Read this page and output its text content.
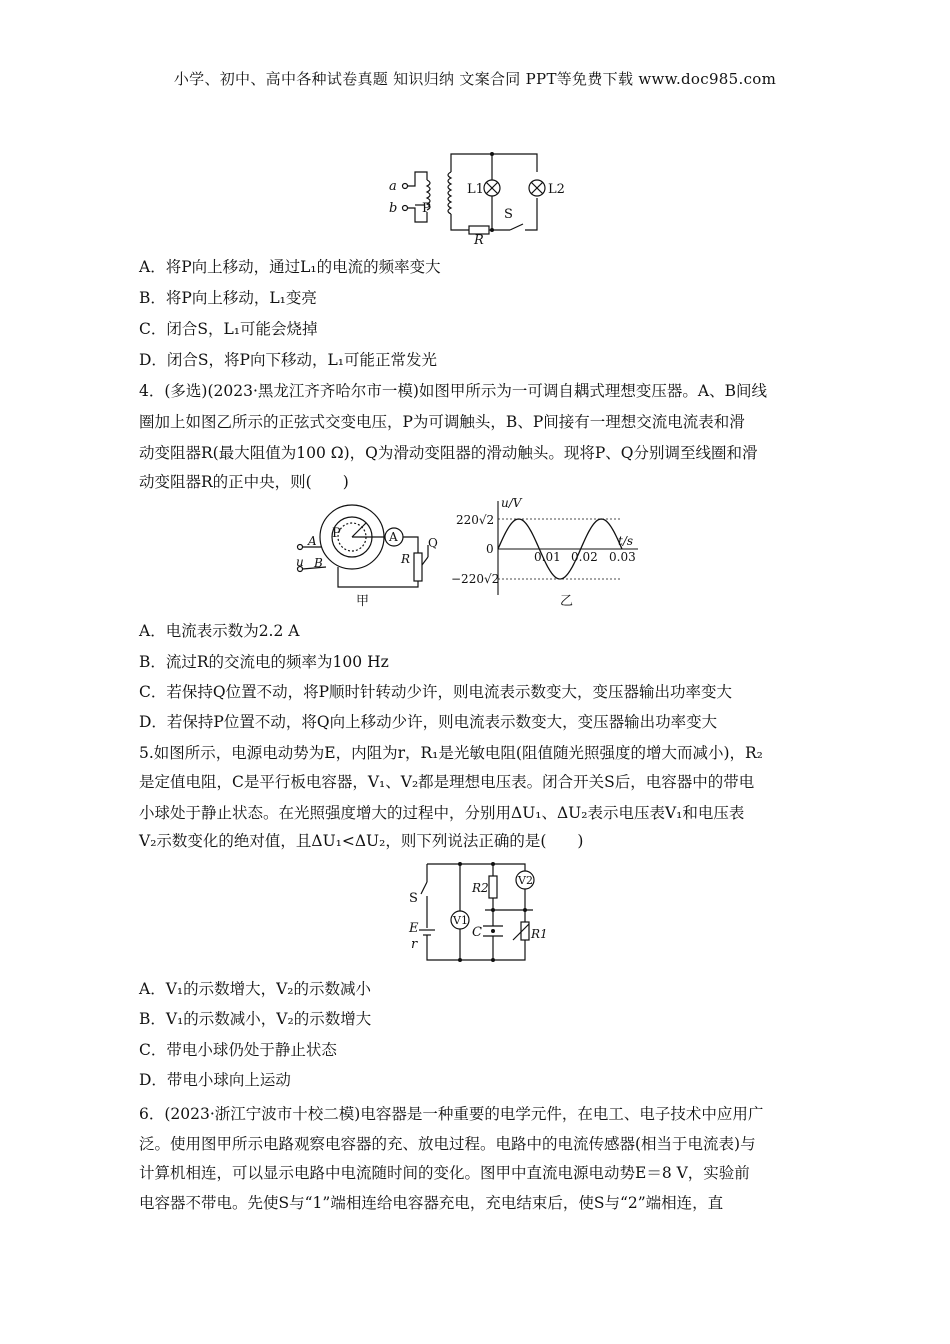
小学、初中、高中各种试卷真题 知识归纳 文案合同 PPT等免费下载 www.doc985.com
a
b P
L1	L2
S
R
A．将P向上移动，通过L₁的电流的频率变大
B．将P向上移动，L₁变亮
C．闭合S，L₁可能会烧掉
D．闭合S，将P向下移动，L₁可能正常发光
4．(多选)(2023·黑龙江齐齐哈尔市一模)如图甲所示为一可调自耦式理想变压器。A、B间线
圈加上如图乙所示的正弦式交变电压，P为可调触头，B、P间接有一理想交流电流表和滑
动变阻器R(最大阻值为100 Ω)，Q为滑动变阻器的滑动触头。现将P、Q分别调至线圈和滑
动变阻器R的正中央，则(　　)
P	A
A
B
u	R
Q
甲
u/V
t/s
220√2
0
−220√2
0.01 0.02 0.03
乙
A．电流表示数为2.2 A
B．流过R的交流电的频率为100 Hz
C．若保持Q位置不动，将P顺时针转动少许，则电流表示数变大，变压器输出功率变大
D．若保持P位置不动，将Q向上移动少许，则电流表示数变大，变压器输出功率变大
5.如图所示，电源电动势为E，内阻为r，R₁是光敏电阻(阻值随光照强度的增大而减小)，R₂
是定值电阻，C是平行板电容器，V₁、V₂都是理想电压表。闭合开关S后，电容器中的带电
小球处于静止状态。在光照强度增大的过程中，分别用ΔU₁、ΔU₂表示电压表V₁和电压表
V₂示数变化的绝对值，且ΔU₁<ΔU₂，则下列说法正确的是(　　)
S
E
r
V1
V2
R2
R1
C
A．V₁的示数增大，V₂的示数减小
B．V₁的示数减小，V₂的示数增大
C．带电小球仍处于静止状态
D．带电小球向上运动
6．(2023·浙江宁波市十校二模)电容器是一种重要的电学元件，在电工、电子技术中应用广
泛。使用图甲所示电路观察电容器的充、放电过程。电路中的电流传感器(相当于电流表)与
计算机相连，可以显示电路中电流随时间的变化。图甲中直流电源电动势E＝8 V，实验前
电容器不带电。先使S与“1”端相连给电容器充电，充电结束后，使S与“2”端相连，直
